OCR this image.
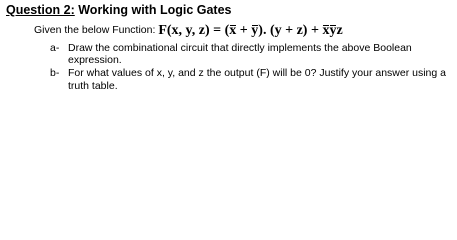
Question 2: Working with Logic Gates
Given the below Function: F(x, y, z) = (x + y). (y + z) + xyz
a- Draw the combinational circuit that directly implements the above Boolean expression.
b- For what values of x, y, and z the output (F) will be 0? Justify your answer using a truth table.
